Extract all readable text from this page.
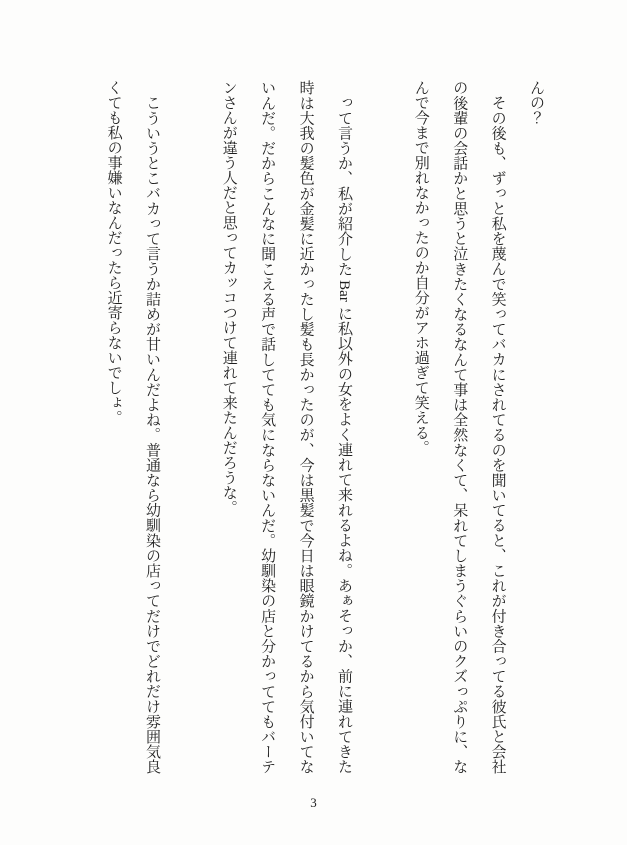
んの？

その後も、ずっと私を蔑んで笑ってバカにされてるのを聞いてると、これが付き合ってる彼氏と会社の後輩の会話かと思うと泣きたくなるなんて事は全然なくて、呆れてしまうぐらいのクズっぷりに、なんで今まで別れなかったのか自分がアホ過ぎて笑える。

って言うか、私が紹介した Bar に私以外の女をよく連れて来れるよね。あぁそっか、前に連れてきた時は大我の髪色が金髪に近かったし髪も長かったのが、今は黒髪で今日は眼鏡かけてるから気付いてないんだ。だからこんなに聞こえる声で話してても気にならないんだ。幼馴染の店と分かっててもバーテンさんが違う人だと思ってカッコつけて連れて来たんだろうな。

こういうとこバカって言うか詰めが甘いんだよね。普通なら幼馴染の店ってだけでどれだけ雰囲気良くても私の事嫌いなんだったら近寄らないでしょ。

3
